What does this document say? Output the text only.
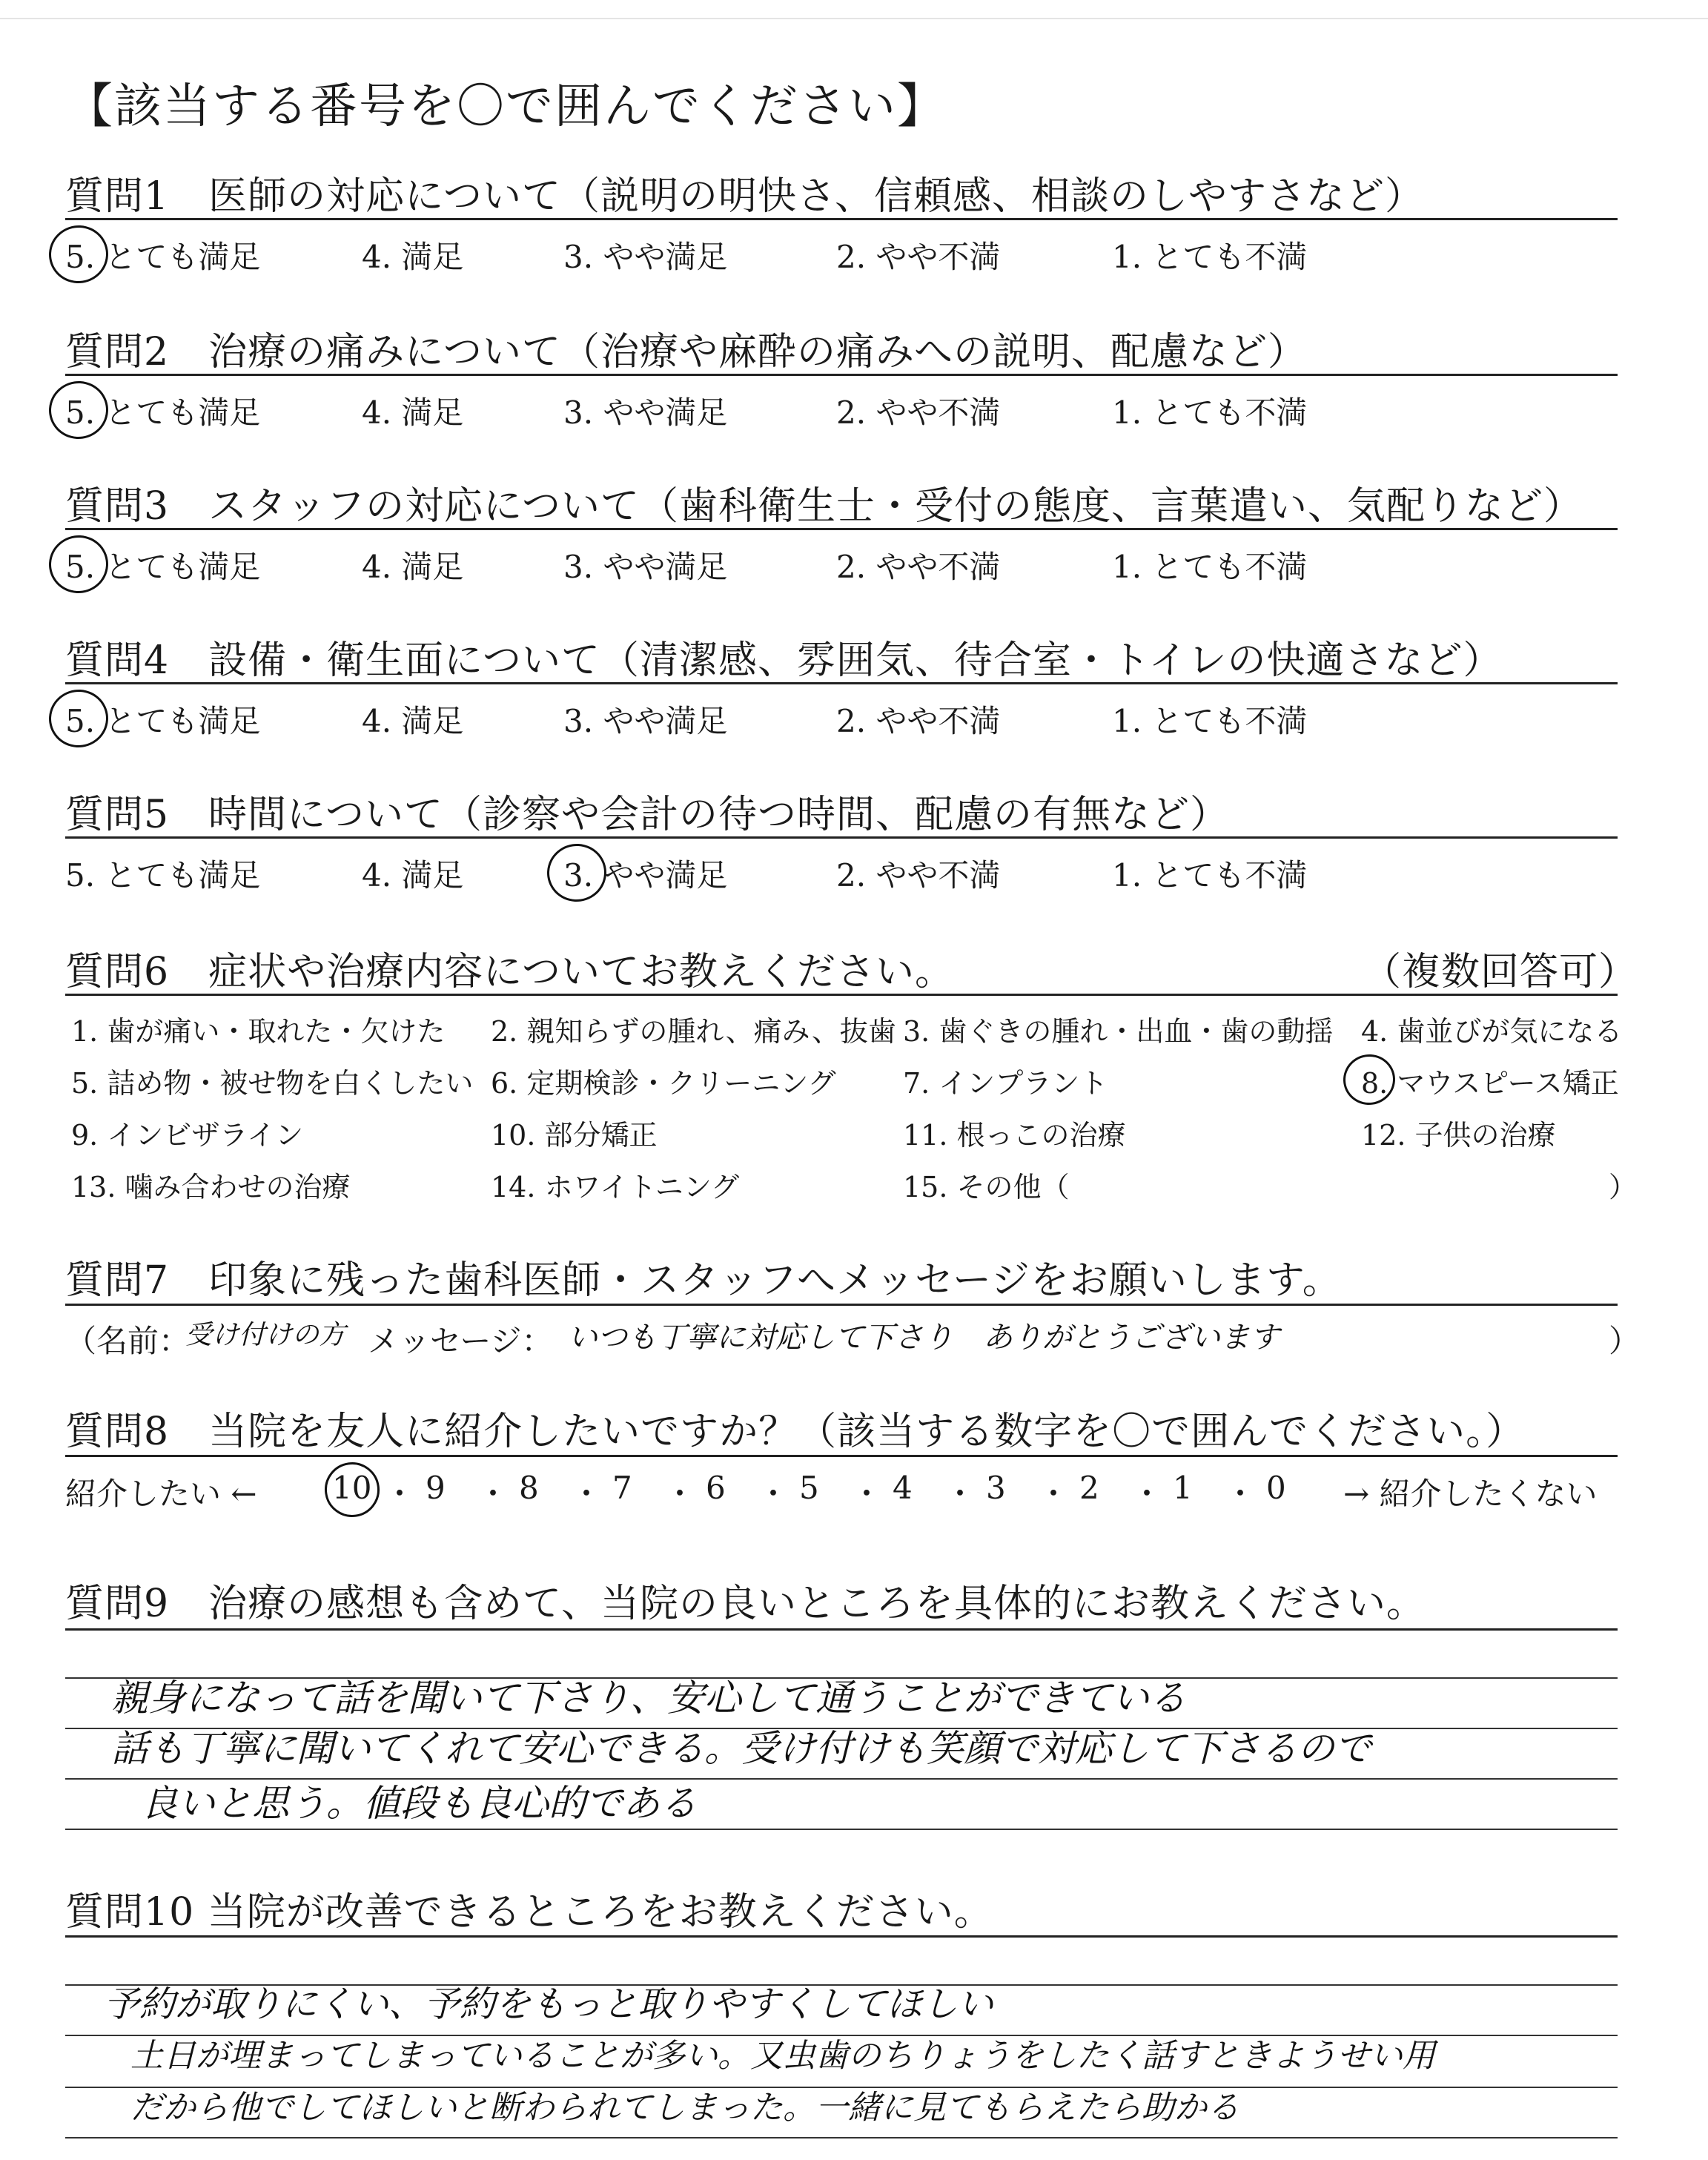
【該当する番号を〇で囲んでください】
質問1　医師の対応について（説明の明快さ、信頼感、相談のしやすさなど）
5. とても満足	4. 満足	3. やや満足	2. やや不満	1. とても不満
質問2　治療の痛みについて（治療や麻酔の痛みへの説明、配慮など）
5. とても満足	4. 満足	3. やや満足	2. やや不満	1. とても不満
質問3　スタッフの対応について（歯科衛生士・受付の態度、言葉遣い、気配りなど）
5. とても満足	4. 満足	3. やや満足	2. やや不満	1. とても不満
質問4　設備・衛生面について（清潔感、雰囲気、待合室・トイレの快適さなど）
5. とても満足	4. 満足	3. やや満足	2. やや不満	1. とても不満
質問5　時間について（診察や会計の待つ時間、配慮の有無など）
5. とても満足	4. 満足	3. やや満足	2. やや不満	1. とても不満
質問6　症状や治療内容についてお教えください。	（複数回答可）
1. 歯が痛い・取れた・欠けた 2. 親知らずの腫れ、痛み、抜歯 3. 歯ぐきの腫れ・出血・歯の動揺 4. 歯並びが気になる
5. 詰め物・被せ物を白くしたい 6. 定期検診・クリーニング 7. インプラント	8. マウスピース矯正
9. インビザライン	10. 部分矯正	11. 根っこの治療	12. 子供の治療
13. 噛み合わせの治療	14. ホワイトニング	15. その他（	）
質問7　印象に残った歯科医師・スタッフへメッセージをお願いします。
（名前：
受け付けの方 メッセージ： いつも丁寧に対応して下さり　ありがとうございます	）
質問8　当院を友人に紹介したいですか？（該当する数字を〇で囲んでください。）
紹介したい ← 10 ・ 9 ・ 8 ・ 7 ・ 6 ・ 5 ・ 4 ・ 3 ・ 2 ・ 1 ・ 0 → 紹介したくない
質問9　治療の感想も含めて、当院の良いところを具体的にお教えください。
親身になって話を聞いて下さり、安心して通うことができている
話も丁寧に聞いてくれて安心できる。受け付けも笑顔で対応して下さるので
良いと思う。値段も良心的である
質問10 当院が改善できるところをお教えください。
予約が取りにくい、予約をもっと取りやすくしてほしい
土日が埋まってしまっていることが多い。又虫歯のちりょうをしたく話すときようせい用
だから他でしてほしいと断わられてしまった。一緒に見てもらえたら助かる
